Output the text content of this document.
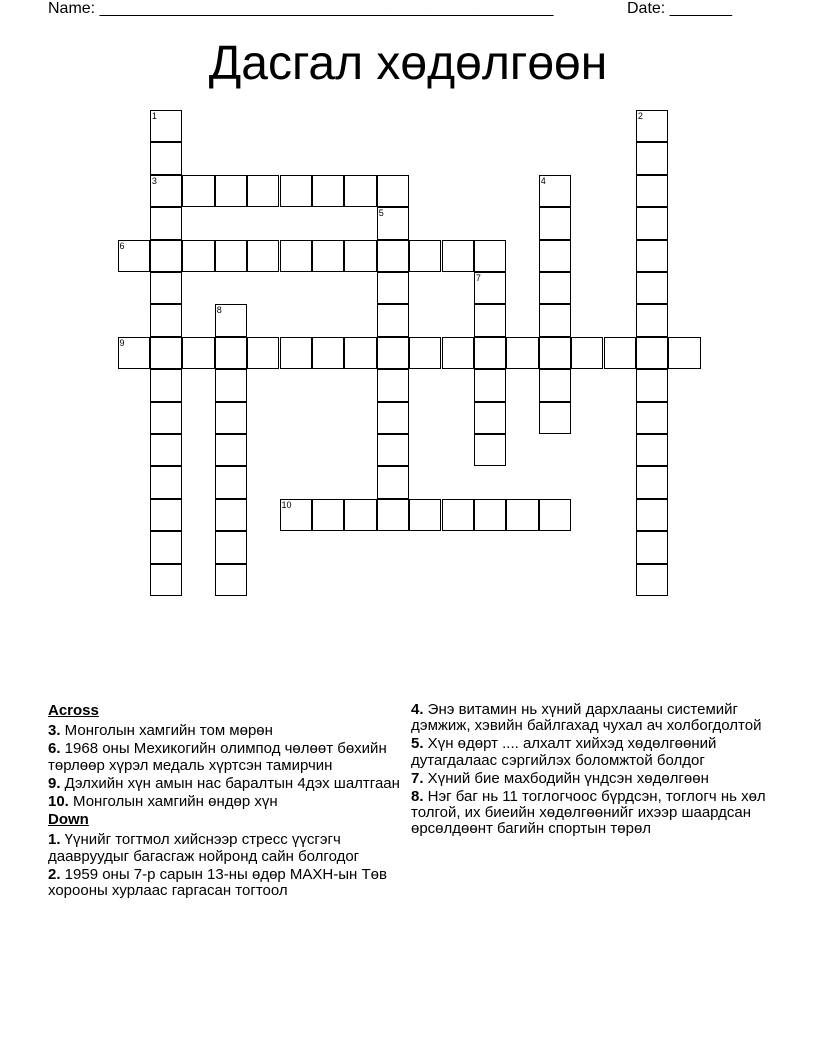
Name: ___________________________________________________	Date: _______
Дасгал хөдөлгөөн
1
3
2
4
5
6
7
8
9
10
Across
3. Монголын хамгийн том мөрөн
6. 1968 оны Мехикогийн олимпод чөлөөт бөхийн төрлөөр хүрэл медаль хүртсэн тамирчин
9. Дэлхийн хүн амын нас баралтын 4дэх шалтгаан
10. Монголын хамгийн өндөр хүн
Down
1. Үүнийг тогтмол хийснээр стресс үүсгэгч даавруудыг багасгаж нойронд сайн болгодог
2. 1959 оны 7-р сарын 13-ны өдөр МАХН-ын Төв хорооны хурлаас гаргасан тогтоол
4. Энэ витамин нь хүний дархлааны системийг дэмжиж, хэвийн байлгахад чухал ач холбогдолтой
5. Хүн өдөрт .... алхалт хийхэд хөдөлгөөний дутагдалаас сэргийлэх боломжтой болдог
7. Хүний бие махбодийн үндсэн хөдөлгөөн
8. Нэг баг нь 11 тоглогчоос бүрдсэн, тоглогч нь хөл толгой, их биеийн хөдөлгөөнийг ихээр шаардсан өрсөлдөөнт багийн спортын төрөл
